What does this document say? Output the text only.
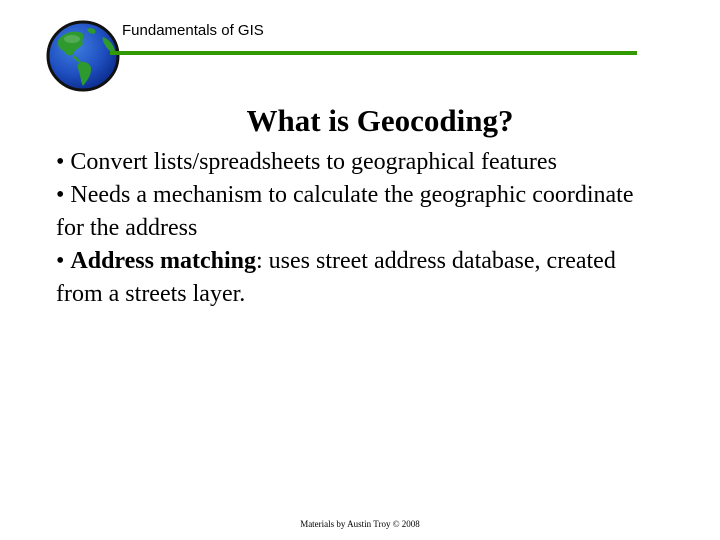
Fundamentals of GIS
What is Geocoding?

• Convert lists/spreadsheets to geographical features

• Needs a mechanism to calculate the geographic coordinate for the address

• Address matching: uses street address database, created from a streets layer.

Materials by Austin Troy © 2008
